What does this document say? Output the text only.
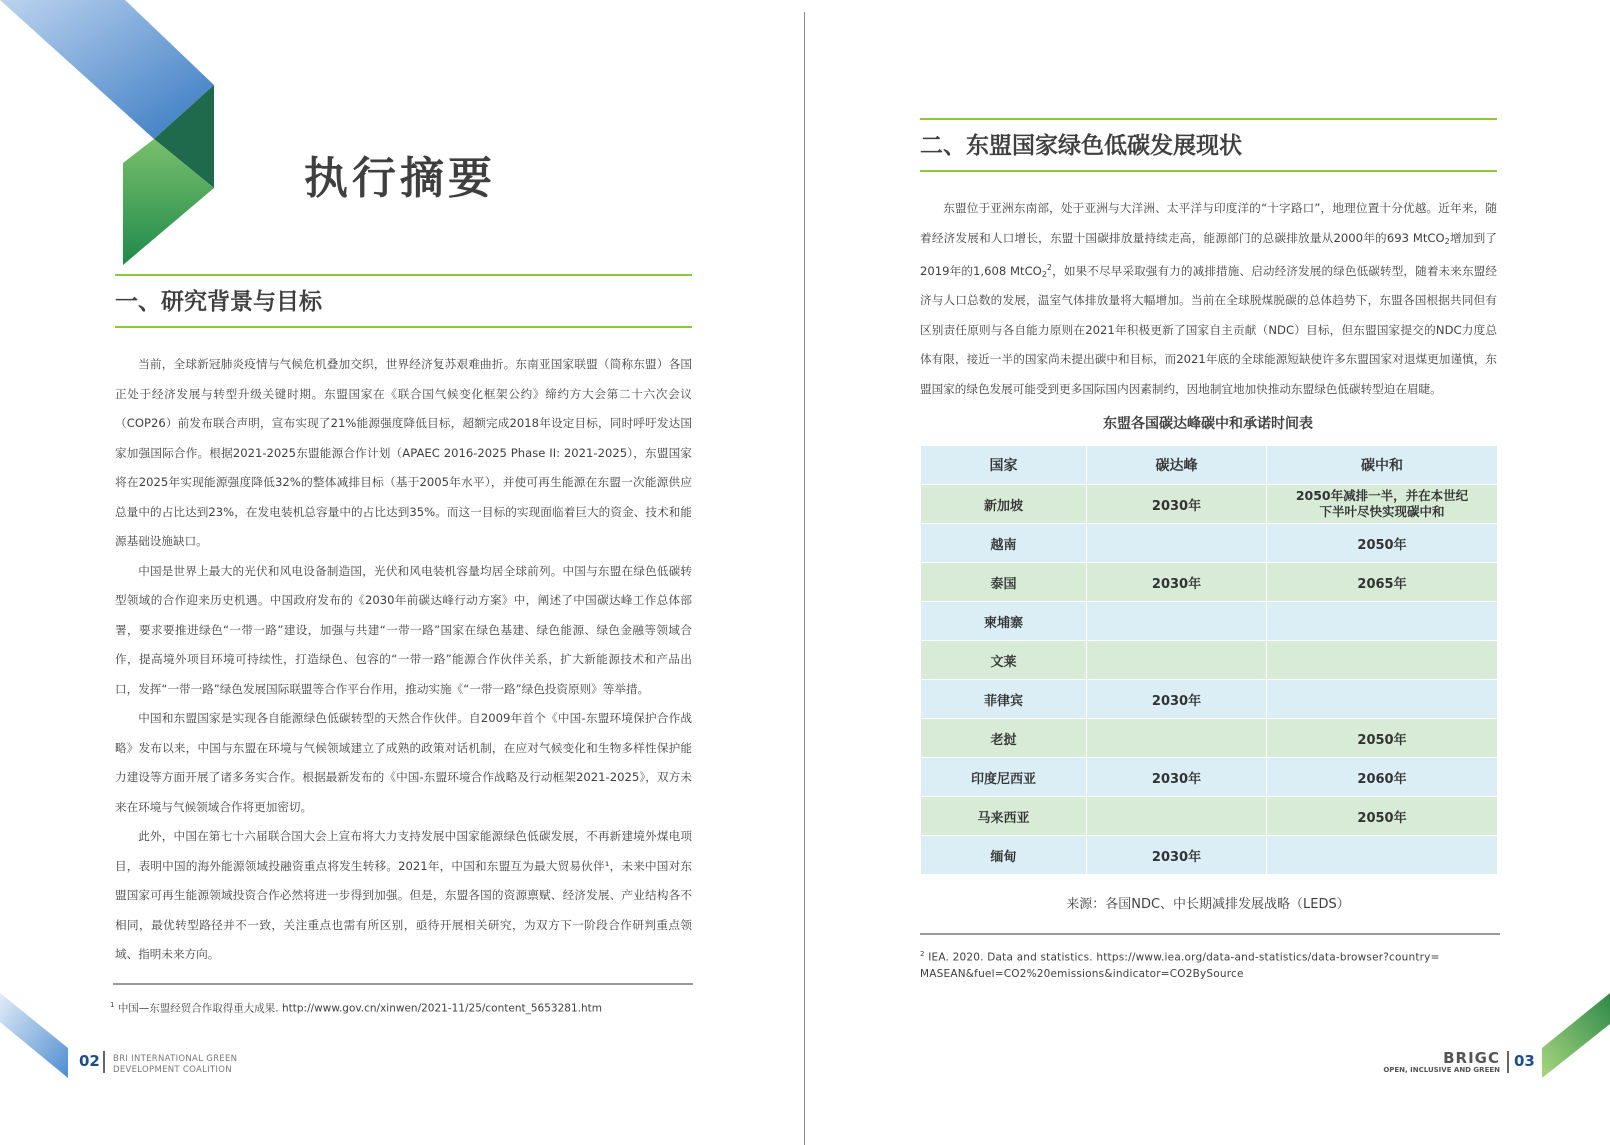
执行摘要
一、研究背景与目标

当前，全球新冠肺炎疫情与气候危机叠加交织，世界经济复苏艰难曲折。东南亚国家联盟（简称东盟）各国正处于经济发展与转型升级关键时期。东盟国家在《联合国气候变化框架公约》缔约方大会第二十六次会议（COP26）前发布联合声明，宣布实现了21%能源强度降低目标，超额完成2018年设定目标，同时呼吁发达国家加强国际合作。根据2021-2025东盟能源合作计划（APAEC 2016-2025 Phase II: 2021-2025），东盟国家将在2025年实现能源强度降低32%的整体减排目标（基于2005年水平），并使可再生能源在东盟一次能源供应总量中的占比达到23%，在发电装机总容量中的占比达到35%。而这一目标的实现面临着巨大的资金、技术和能源基础设施缺口。

中国是世界上最大的光伏和风电设备制造国，光伏和风电装机容量均居全球前列。中国与东盟在绿色低碳转型领域的合作迎来历史机遇。中国政府发布的《2030年前碳达峰行动方案》中，阐述了中国碳达峰工作总体部署，要求要推进绿色“一带一路”建设，加强与共建“一带一路”国家在绿色基建、绿色能源、绿色金融等领域合作，提高境外项目环境可持续性，打造绿色、包容的“一带一路”能源合作伙伴关系，扩大新能源技术和产品出口，发挥“一带一路”绿色发展国际联盟等合作平台作用，推动实施《“一带一路”绿色投资原则》等举措。

中国和东盟国家是实现各自能源绿色低碳转型的天然合作伙伴。自2009年首个《中国-东盟环境保护合作战略》发布以来，中国与东盟在环境与气候领域建立了成熟的政策对话机制，在应对气候变化和生物多样性保护能力建设等方面开展了诸多务实合作。根据最新发布的《中国-东盟环境合作战略及行动框架2021-2025》，双方未来在环境与气候领域合作将更加密切。

此外，中国在第七十六届联合国大会上宣布将大力支持发展中国家能源绿色低碳发展，不再新建境外煤电项目，表明中国的海外能源领域投融资重点将发生转移。2021年，中国和东盟互为最大贸易伙伴¹，未来中国对东盟国家可再生能源领域投资合作必然将进一步得到加强。但是，东盟各国的资源禀赋、经济发展、产业结构各不相同，最优转型路径并不一致，关注重点也需有所区别，亟待开展相关研究，为双方下一阶段合作研判重点领域、指明未来方向。

$^1$ 中国—东盟经贸合作取得重大成果. http://www.gov.cn/xinwen/2021-11/25/content_5653281.htm

02 BRI INTERNATIONAL GREEN
DEVELOPMENT COALITION
二、东盟国家绿色低碳发展现状

东盟位于亚洲东南部，处于亚洲与大洋洲、太平洋与印度洋的“十字路口”，地理位置十分优越。近年来，随着经济发展和人口增长，东盟十国碳排放量持续走高，能源部门的总碳排放量从2000年的693 MtCO$_2$增加到了2019年的1,608 MtCO$_2^2$，如果不尽早采取强有力的减排措施、启动经济发展的绿色低碳转型，随着未来东盟经济与人口总数的发展，温室气体排放量将大幅增加。当前在全球脱煤脱碳的总体趋势下，东盟各国根据共同但有区别责任原则与各自能力原则在2021年积极更新了国家自主贡献（NDC）目标，但东盟国家提交的NDC力度总体有限，接近一半的国家尚未提出碳中和目标，而2021年底的全球能源短缺使许多东盟国家对退煤更加谨慎，东盟国家的绿色发展可能受到更多国际国内因素制约，因地制宜地加快推动东盟绿色低碳转型迫在眉睫。

东盟各国碳达峰碳中和承诺时间表

国家	碳达峰	碳中和
新加坡	2030年	2050年减排一半，并在本世纪
下半叶尽快实现碳中和

越南		2050年
泰国	2030年	2065年
柬埔寨		
文莱		
菲律宾	2030年	
老挝		2050年
印度尼西亚	2030年	2060年
马来西亚		2050年
缅甸	2030年	

来源：各国NDC、中长期减排发展战略（LEDS）

$^2$ IEA. 2020. Data and statistics. https://www.iea.org/data-and-statistics/data-browser?country=
MASEAN&fuel=CO2%20emissions&indicator=CO2BySource

BRIGC
OPEN, INCLUSIVE AND GREEN 03
